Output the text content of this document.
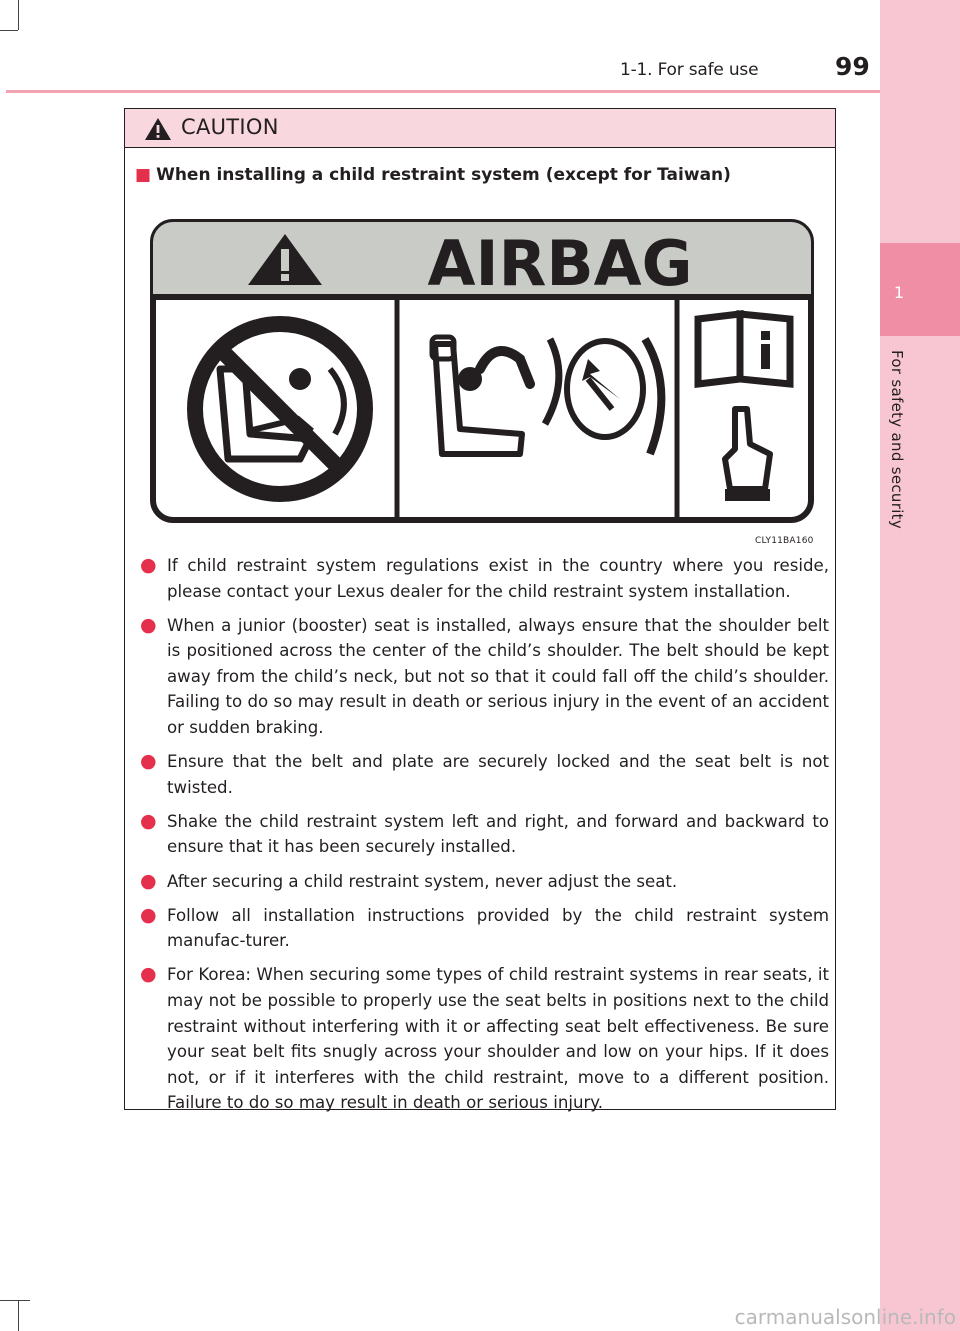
1
For safety and security
1-1. For safe use	99
CAUTION
■ When installing a child restraint system (except for Taiwan)
AIRBAG
CLY11BA160
● If child restraint system regulations exist in the country where you reside, please contact your Lexus dealer for the child restraint system installation.
● When a junior (booster) seat is installed, always ensure that the shoulder belt is positioned across the center of the child’s shoulder. The belt should be kept away from the child’s neck, but not so that it could fall off the child’s shoulder. Failing to do so may result in death or serious injury in the event of an accident or sudden braking.
● Ensure that the belt and plate are securely locked and the seat belt is not twisted.
● Shake the child restraint system left and right, and forward and backward to ensure that it has been securely installed.
● After securing a child restraint system, never adjust the seat.
● Follow all installation instructions provided by the child restraint system manufac-turer.
● For Korea: When securing some types of child restraint systems in rear seats, it may not be possible to properly use the seat belts in positions next to the child restraint without interfering with it or affecting seat belt effectiveness. Be sure your seat belt fits snugly across your shoulder and low on your hips. If it does not, or if it interferes with the child restraint, move to a different position. Failure to do so may result in death or serious injury.
carmanualsonline.info
